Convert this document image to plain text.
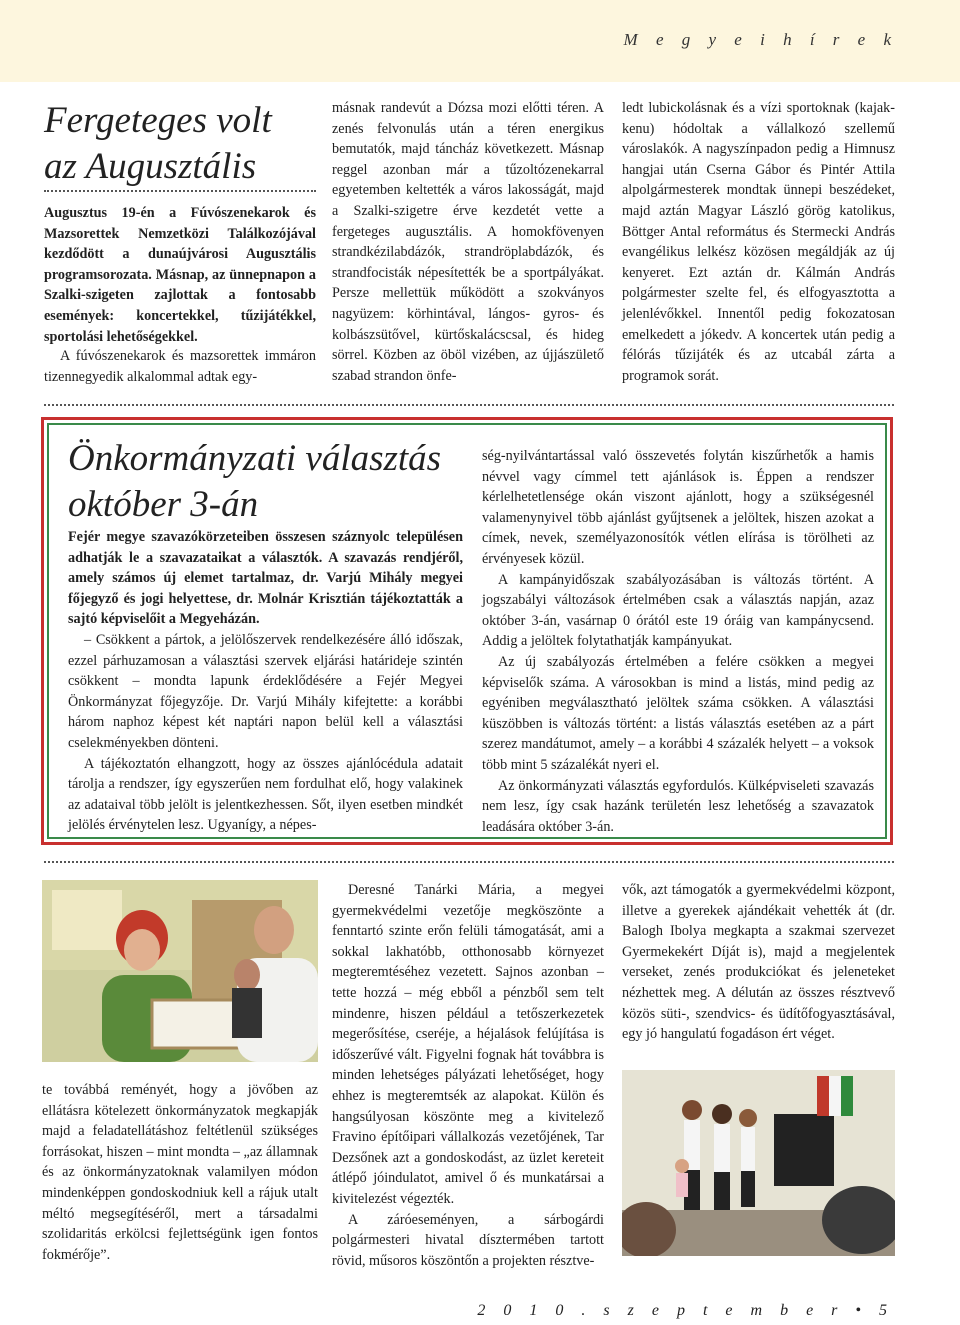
M e g y e i h í r e k
Fergeteges volt
az Augusztális
Augusztus 19-én a Fúvószenekarok és Mazsorettek Nemzetközi Találkozójával kezdődött a dunaújvárosi Augusztális programsorozata. Másnap, az ünnepnapon a Szalki-szigeten zajlottak a fontosabb események: koncertekkel, tűzijátékkel, sportolási lehetőségekkel.

A fúvószenekarok és mazsorettek immáron tizennegyedik alkalommal adtak egy-

másnak randevút a Dózsa mozi előtti téren. A zenés felvonulás után a téren energikus bemutatók, majd táncház következett. Másnap reggel azonban már a tűzoltózenekarral egyetemben keltették a város lakosságát, majd a Szalki-szigetre érve kezdetét vette a fergeteges augusztális. A homokfövenyen strandkézilabdázók, strandröplabdázók, és strandfocisták népesítették be a sportpályákat. Persze mellettük működött a szokványos nagyüzem: körhintával, lángos- gyros- és kolbászsütővel, kürtőskalácscsal, és hideg sörrel. Közben az öböl vizében, az újjászülető szabad strandon önfe-

ledt lubickolásnak és a vízi sportoknak (kajak-kenu) hódoltak a vállalkozó szellemű városlakók. A nagyszínpadon pedig a Himnusz hangjai után Cserna Gábor és Pintér Attila alpolgármesterek mondtak ünnepi beszédeket, majd aztán Magyar László görög katolikus, Böttger Antal református és Stermecki András evangélikus lelkész közösen megáldják az új kenyeret. Ezt aztán dr. Kálmán András polgármester szelte fel, és elfogyasztotta a jelenlévőkkel. Innentől pedig fokozatosan emelkedett a jókedv. A koncertek után pedig a félórás tűzijáték és az utcabál zárta a programok sorát.

Önkormányzati választás
október 3-án
Fejér megye szavazókörzeteiben összesen száznyolc településen adhatják le a szavazataikat a választók. A szavazás rendjéről, amely számos új elemet tartalmaz, dr. Varjú Mihály megyei főjegyző és jogi helyettese, dr. Molnár Krisztián tájékoztatták a sajtó képviselőit a Megyeházán.

– Csökkent a pártok, a jelölőszervek rendelkezésére álló időszak, ezzel párhuzamosan a választási szervek eljárási határideje szintén csökkent – mondta lapunk érdeklődésére a Fejér Megyei Önkormányzat főjegyzője. Dr. Varjú Mihály kifejtette: a korábbi három naphoz képest két naptári napon belül kell a választási cselekményekben dönteni.

A tájékoztatón elhangzott, hogy az összes ajánlócédula adatait tárolja a rendszer, így egyszerűen nem fordulhat elő, hogy valakinek az adataival több jelölt is jelentkezhessen. Sőt, ilyen esetben mindkét jelölés érvénytelen lesz. Ugyanígy, a népes-

ség-nyilvántartással való összevetés folytán kiszűrhetők a hamis névvel vagy címmel tett ajánlások is. Éppen a rendszer kérlelhetetlensége okán viszont ajánlott, hogy a szükségesnél valamenynyivel több ajánlást gyűjtsenek a jelöltek, hiszen azokat a címek, nevek, személyazonosítók vétlen elírása is törölheti az érvényesek közül.

A kampányidőszak szabályozásában is változás történt. A jogszabályi változások értelmében csak a választás napján, azaz október 3-án, vasárnap 0 órától este 19 óráig van kampánycsend. Addig a jelöltek folytathatják kampányukat.

Az új szabályozás értelmében a felére csökken a megyei képviselők száma. A városokban is mind a listás, mind pedig az egyéniben megválasztható jelöltek száma csökken. A választási küszöbben is változás történt: a listás választás esetében az a párt szerez mandátumot, amely – a korábbi 4 százalék helyett – a voksok több mint 5 százalékát nyeri el.

Az önkormányzati választás egyfordulós. Külképviseleti szavazás nem lesz, így csak hazánk területén lesz lehetőség a szavazatok leadására október 3-án.

te továbbá reményét, hogy a jövőben az ellátásra kötelezett önkormányzatok megkapják majd a feladatellátáshoz feltétlenül szükséges forrásokat, hiszen – mint mondta – „az államnak és az önkormányzatoknak valamilyen módon mindenképpen gondoskodniuk kell a rájuk utalt méltó megsegítéséről, mert a társadalmi szolidaritás erkölcsi fejlettségünk igen fontos fokmérője”.

Deresné Tanárki Mária, a megyei gyermekvédelmi vezetője megköszönte a fenntartó szinte erőn felüli támogatását, ami a sokkal lakhatóbb, otthonosabb környezet megteremtéséhez vezetett. Sajnos azonban – tette hozzá – még ebből a pénzből sem telt mindenre, hiszen például a tetőszerkezetek megerősítése, cseréje, a héjalások felújítása is időszerűvé vált. Figyelni fognak hát továbbra is minden lehetséges pályázati lehetőséget, hogy ehhez is megteremtsék az alapokat. Külön és hangsúlyosan köszönte meg a kivitelező Fravino építőipari vállalkozás vezetőjének, Tar Dezsőnek azt a gondoskodást, az üzlet kereteit átlépő jóindulatot, amivel ő és munkatársai a kivitelezést végezték.

A záróeseményen, a sárbogárdi polgármesteri hivatal dísztermében tartott rövid, műsoros köszöntőn a projekten résztve-

vők, azt támogatók a gyermekvédelmi központ, illetve a gyerekek ajándékait vehették át (dr. Balogh Ibolya megkapta a szakmai szervezet Gyermekekért Díját is), majd a megjelentek verseket, zenés produkciókat és jeleneteket nézhettek meg. A délután az összes résztvevő közös süti-, szendvics- és üdítőfogyasztásával, egy jó hangulatú fogadáson ért véget.

2 0 1 0 . s z e p t e m b e r • 5
